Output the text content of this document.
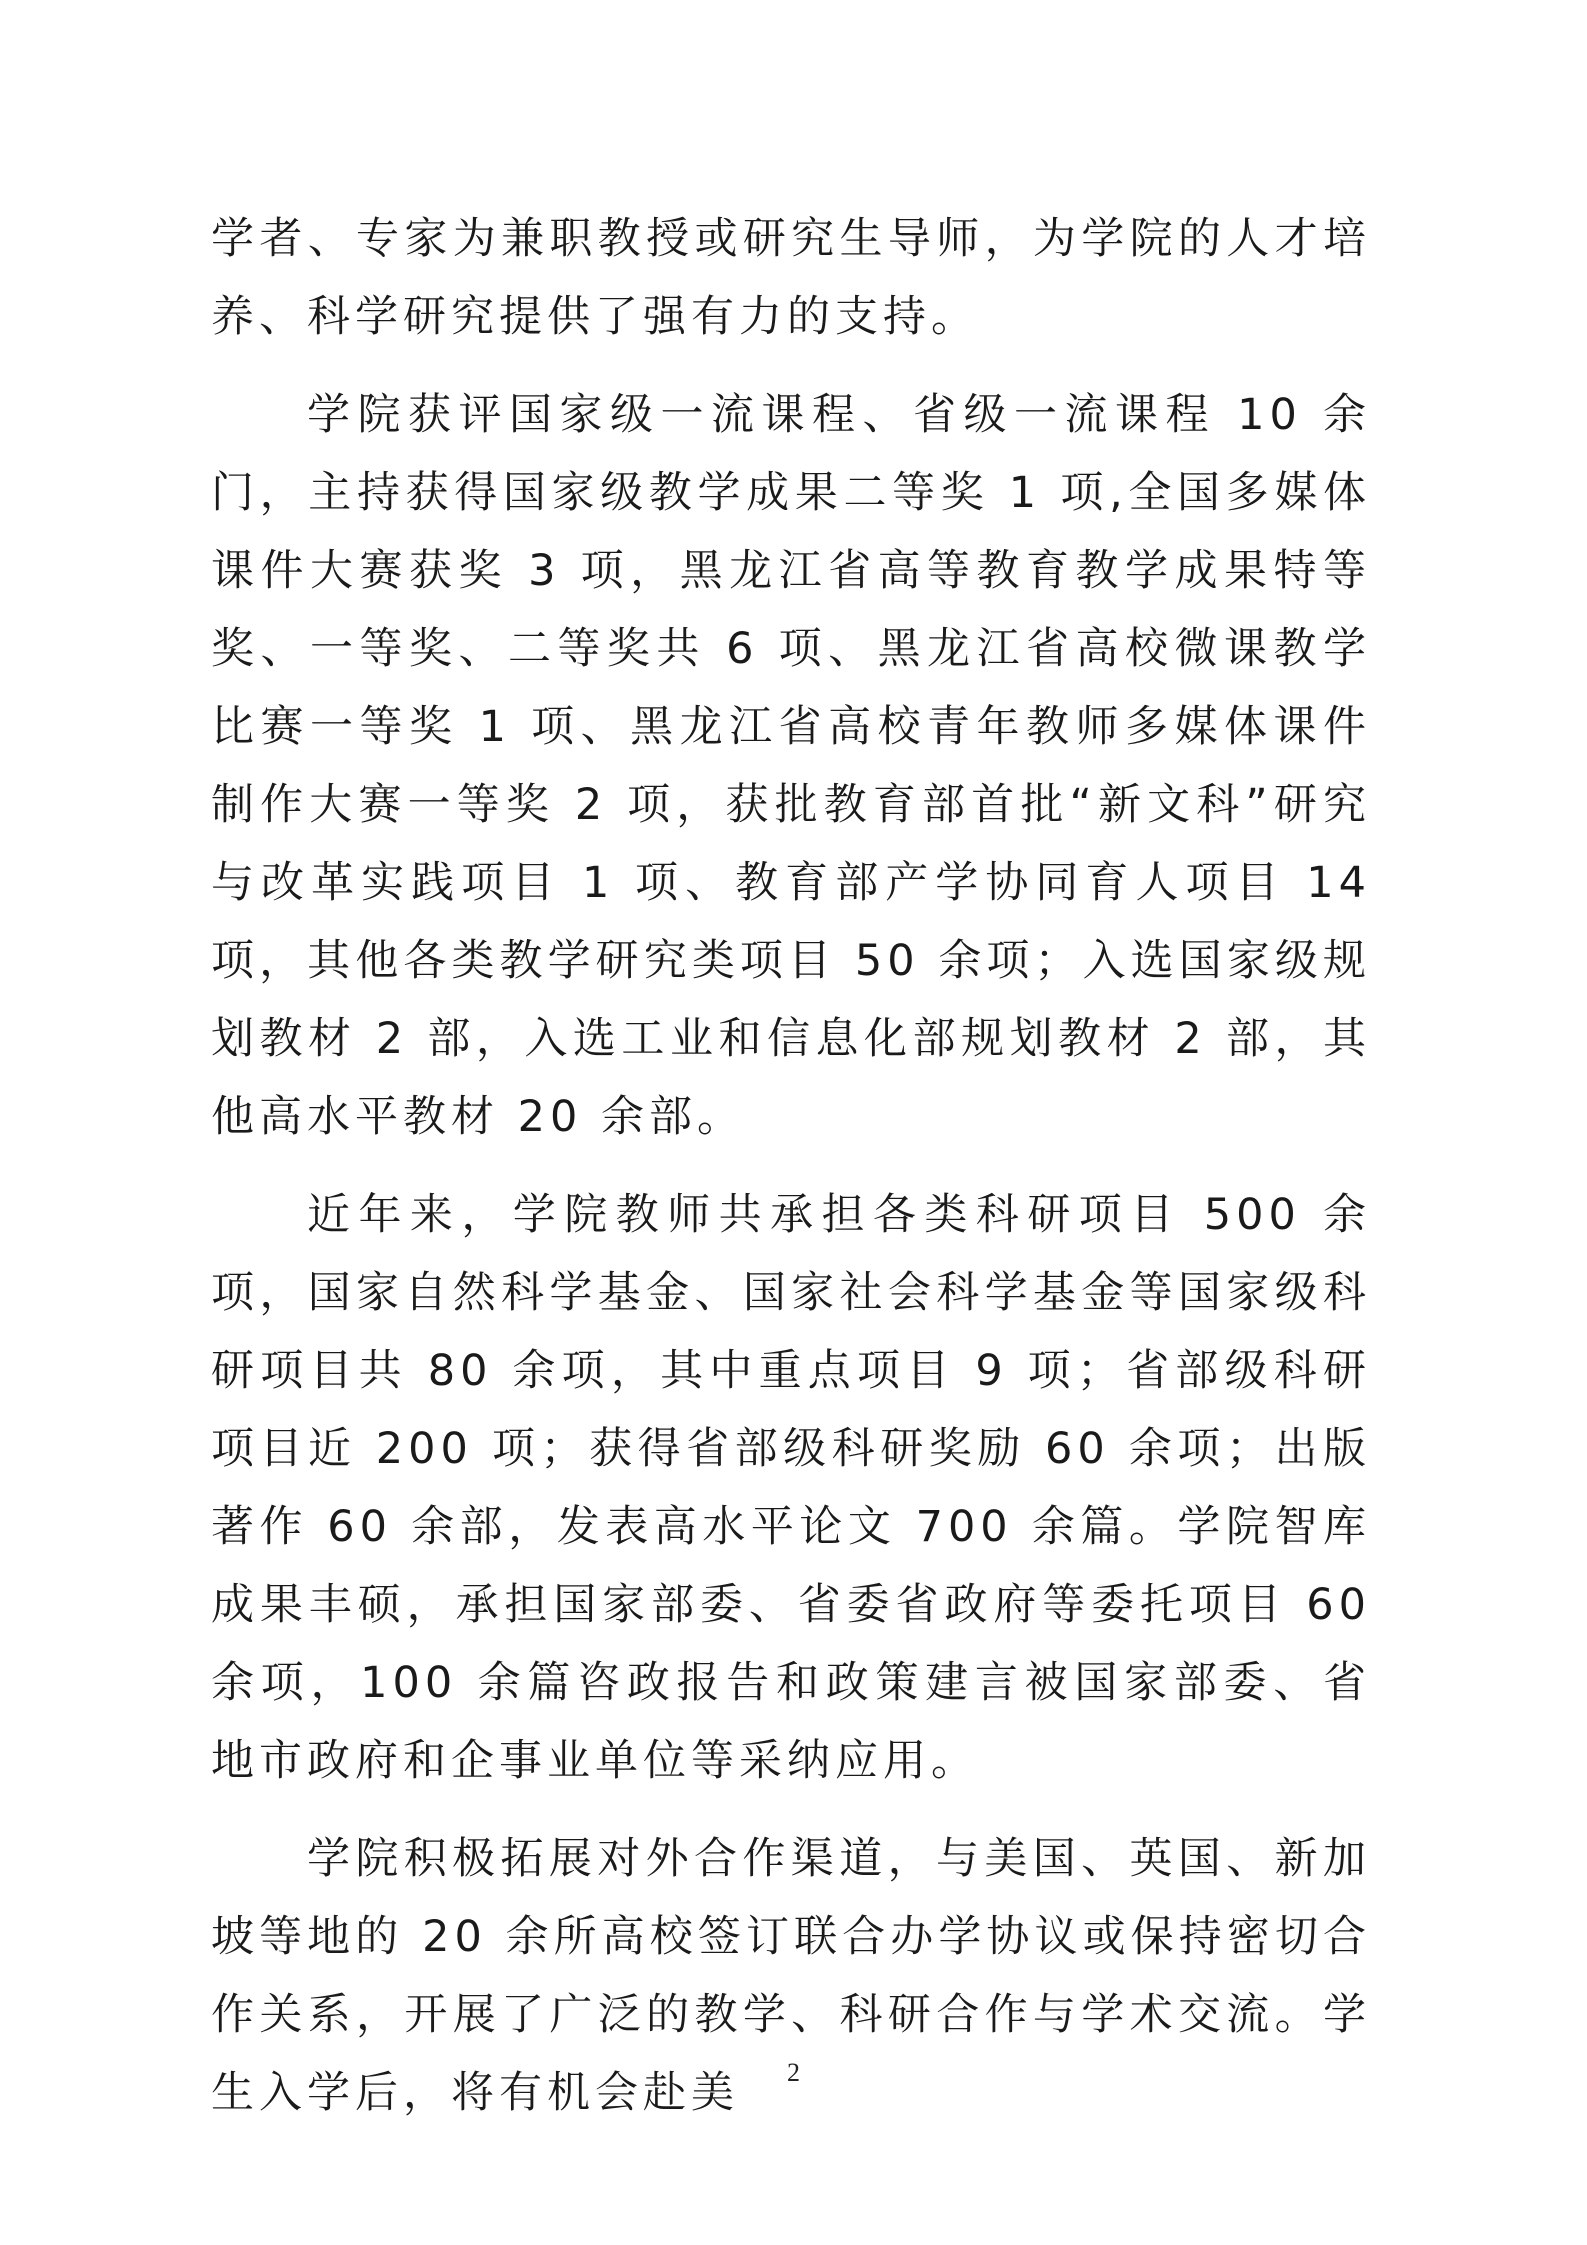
学者、专家为兼职教授或研究生导师，为学院的人才培养、科学研究提供了强有力的支持。

学院获评国家级一流课程、省级一流课程 10 余门，主持获得国家级教学成果二等奖 1 项,全国多媒体课件大赛获奖 3 项，黑龙江省高等教育教学成果特等奖、一等奖、二等奖共 6 项、黑龙江省高校微课教学比赛一等奖 1 项、黑龙江省高校青年教师多媒体课件制作大赛一等奖 2 项，获批教育部首批“新文科”研究与改革实践项目 1 项、教育部产学协同育人项目 14 项，其他各类教学研究类项目 50 余项；入选国家级规划教材 2 部，入选工业和信息化部规划教材 2 部，其他高水平教材 20 余部。

近年来，学院教师共承担各类科研项目 500 余项，国家自然科学基金、国家社会科学基金等国家级科研项目共 80 余项，其中重点项目 9 项；省部级科研项目近 200 项；获得省部级科研奖励 60 余项；出版著作 60 余部，发表高水平论文 700 余篇。学院智库成果丰硕，承担国家部委、省委省政府等委托项目 60 余项，100 余篇咨政报告和政策建言被国家部委、省地市政府和企事业单位等采纳应用。

学院积极拓展对外合作渠道，与美国、英国、新加坡等地的 20 余所高校签订联合办学协议或保持密切合作关系，开展了广泛的教学、科研合作与学术交流。学生入学后，将有机会赴美	2
